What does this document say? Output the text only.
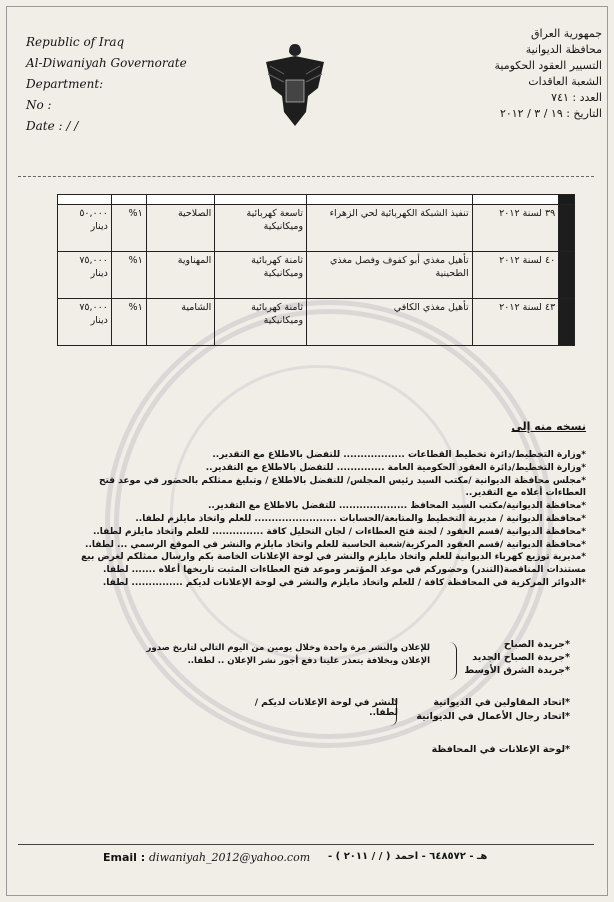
Republic of Iraq
Al-Diwaniyah Governorate
Department:
No :
Date : / /
جمهورية العراق
محافظة الديوانية
التسيير العقود الحكومية
الشعبة العاقدات
العدد : ٧٤١
التاريخ : ١٩ / ٣ / ٢٠١٢

	٣٩ لسنة ٢٠١٢	تنفيذ الشبكة الكهربائية لحي الزهراء	تاسعة كهربائية وميكانيكية	الصلاحية	١%	٥٠,٠٠٠ دينار
	٤٠ لسنة ٢٠١٢	تأهيل مغذي أبو كفوف وفصل مغذي الطحينية	ثامنة كهربائية وميكانيكية	المهناوية	١%	٧٥,٠٠٠ دينار
	٤٣ لسنة ٢٠١٢	تأهيل مغذي الكافي	ثامنة كهربائية وميكانيكية	الشامية	١%	٧٥,٠٠٠ دينار
نسخه منه إلى
*وزارة التخطيط/دائرة تخطيط القطاعات .................. للتفضل بالاطلاع مع التقدير..
*وزارة التخطيط/دائرة العقود الحكومية العامة .............. للتفضل بالاطلاع مع التقدير..
*مجلس محافظة الديوانية /مكتب السيد رئيس المجلس/ للتفضل بالاطلاع / وتبليغ ممثلكم بالحضور في موعد فتح
العطاءات أعلاه مع التقدير..
*محافظة الديوانية/مكتب السيد المحافظ .................... للتفضل بالاطلاع مع التقدير..
*محافظة الديوانية / مديرية التخطيط والمتابعة/الحسابات ........................ للعلم واتخاذ مايلزم لطفا..
*محافظة الديوانية /قسم العقود / لجنة فتح العطاءات / لجان التحليل كافة ............... للعلم واتخاذ مايلزم لطفا..
*محافظة الديوانية /قسم العقود المركزية/شعبة الحاسبة للعلم واتخاذ مايلزم والنشر في الموقع الرسمي ... لطفا..
*مديرية توزيع كهرباء الديوانية للعلم واتخاذ مايلزم والنشر في لوحة الإعلانات الخاصة بكم وارسال ممثلكم لغرض بيع
مستندات المناقصة(التندر) وحضوركم في موعد المؤتمر وموعد فتح العطاءات المثبت تاريخها أعلاه ....... لطفا.
*الدوائر المركزية في المحافظة كافة / للعلم واتخاذ مايلزم والنشر في لوحة الإعلانات لديكم ............... لطفا.
*جريدة الصباح
*جريدة الصباح الجديد
*جريدة الشرق الأوسط
للإعلان والنشر مرة واحدة وخلال يومين من اليوم التالي لتاريخ صدور الإعلان وبخلافة يتعذر علينا دفع أجور نشر الإعلان .. لطفا..
*اتحاد المقاولين في الديوانية
*اتحاد رجال الأعمال في الديوانية
للنشر في لوحة الإعلانات لديكم / لطفا..
*لوحة الإعلانات في المحافظة
Email : diwaniyah_2012@yahoo.com - ( ٢٠١١ / / ) هـ - ٦٤٨٥٧٢ - احمد
